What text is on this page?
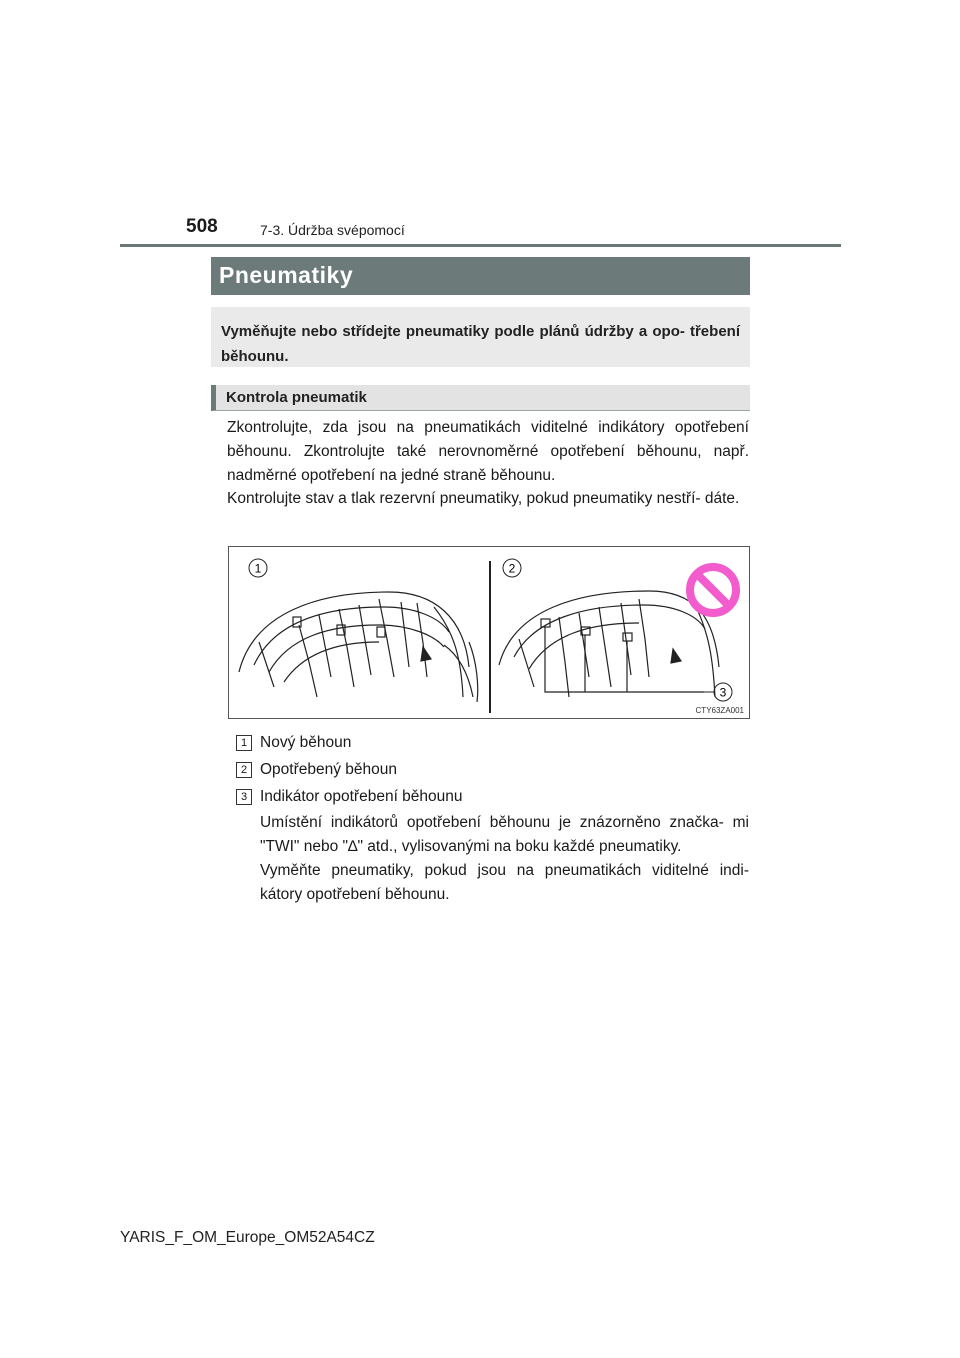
508	7-3. Údržba svépomocí
Pneumatiky
Vyměňujte nebo střídejte pneumatiky podle plánů údržby a opo- třebení běhounu.
Kontrola pneumatik

Zkontrolujte, zda jsou na pneumatikách viditelné indikátory opotřebení běhounu. Zkontrolujte také nerovnoměrné opotřebení běhounu, např. nadměrné opotřebení na jedné straně běhounu.

Kontrolujte stav a tlak rezervní pneumatiky, pokud pneumatiky nestří- dáte.

1	2
3
CTY63ZA001
1 Nový běhoun
2 Opotřebený běhoun
3 Indikátor opotřebení běhounu

Umístění indikátorů opotřebení běhounu je znázorněno značka- mi "TWI" nebo "∆" atd., vylisovanými na boku každé pneumatiky.

Vyměňte pneumatiky, pokud jsou na pneumatikách viditelné indi- kátory opotřebení běhounu.

YARIS_F_OM_Europe_OM52A54CZ
